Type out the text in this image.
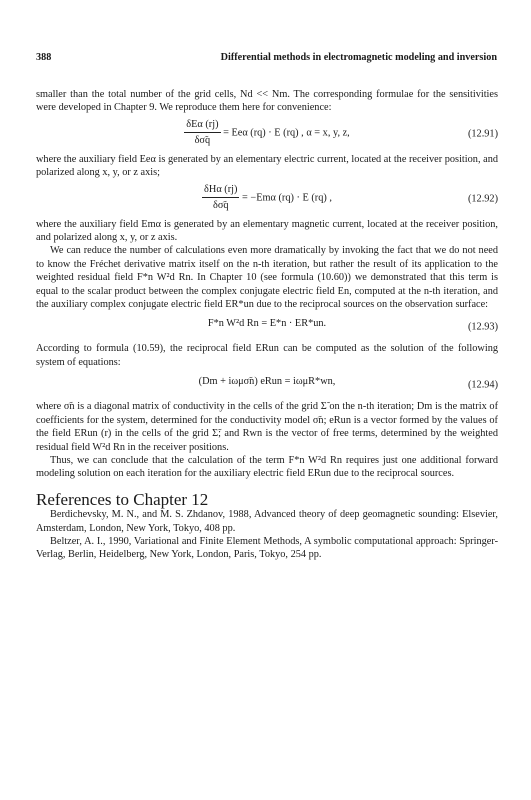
388	Differential methods in electromagnetic modeling and inversion

smaller than the total number of the grid cells, Nd << Nm. The corresponding formulae for the sensitivities were developed in Chapter 9. We reproduce them here for convenience:

$\frac{\text{δEα (rj)}}{\delta\sigmãq} = Ee\alpha$ (rq) · E (rq) , α = x, y, z,	(12.91)

where the auxiliary field Eeα is generated by an elementary electric current, located at the receiver position, and polarized along x, y, or z axis;

$\frac{\text{δHα (rj)}}{\delta\sigmãq} = -Em\alpha$ (rq) · E (rq) ,	(12.92)

where the auxiliary field Emα is generated by an elementary magnetic current, located at the receiver position, and polarized along x, y, or z axis.

We can reduce the number of calculations even more dramatically by invoking the fact that we do not need to know the Fréchet derivative matrix itself on the n-th iteration, but rather the result of its application to the weighted residual field F*n W²d Rn. In Chapter 10 (see formula (10.60)) we demonstrated that this term is equal to the scalar product between the complex conjugate electric field En, computed at the n-th iteration, and the auxiliary complex conjugate electric field ER*un due to the reciprocal sources on the observation surface:

F*n W²d Rn = E*n · ER*un.	(12.93)

According to formula (10.59), the reciprocal field ERun can be computed as the solution of the following system of equations:

(Dm + iωμσ̃n) eRun = iωμR*wn,	(12.94)

where σ̃n is a diagonal matrix of conductivity in the cells of the grid Σ̃ on the n-th iteration; Dm is the matrix of coefficients for the system, determined for the conductivity model σ̃n; eRun is a vector formed by the values of the field ERun (r) in the cells of the grid Σ̃; and Rwn is the vector of free terms, determined by the weighted residual field W²d Rn in the receiver positions.

Thus, we can conclude that the calculation of the term F*n W²d Rn requires just one additional forward modeling solution on each iteration for the auxiliary electric field ERun due to the reciprocal sources.

References to Chapter 12

Berdichevsky, M. N., and M. S. Zhdanov, 1988, Advanced theory of deep geomagnetic sounding: Elsevier, Amsterdam, London, New York, Tokyo, 408 pp.

Beltzer, A. I., 1990, Variational and Finite Element Methods, A symbolic computational approach: Springer-Verlag, Berlin, Heidelberg, New York, London, Paris, Tokyo, 254 pp.
